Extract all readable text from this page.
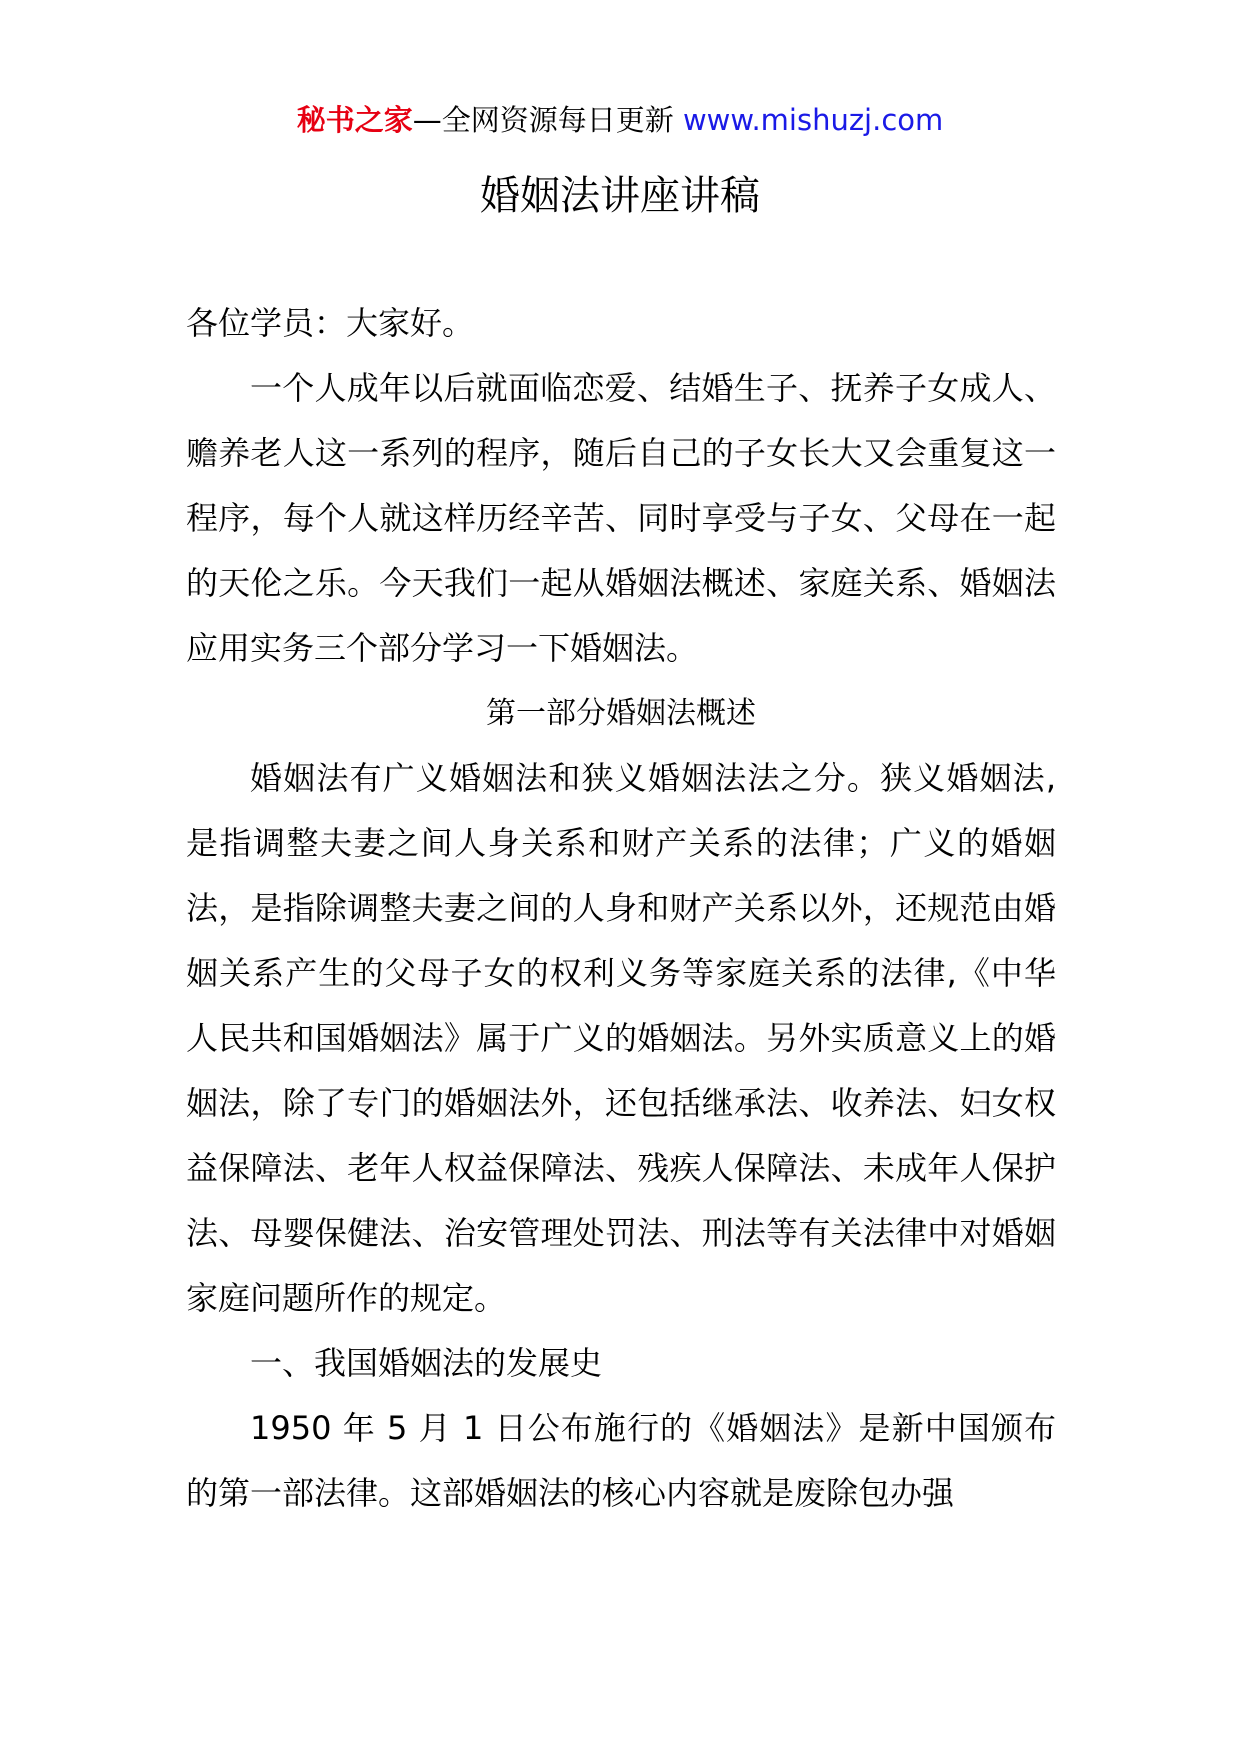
秘书之家—全网资源每日更新 www.mishuzj.com
婚姻法讲座讲稿

各位学员：大家好。

一个人成年以后就面临恋爱、结婚生子、抚养子女成人、赡养老人这一系列的程序，随后自己的子女长大又会重复这一程序，每个人就这样历经辛苦、同时享受与子女、父母在一起的天伦之乐。今天我们一起从婚姻法概述、家庭关系、婚姻法应用实务三个部分学习一下婚姻法。

第一部分婚姻法概述

婚姻法有广义婚姻法和狭义婚姻法法之分。狭义婚姻法,是指调整夫妻之间人身关系和财产关系的法律；广义的婚姻法，是指除调整夫妻之间的人身和财产关系以外，还规范由婚姻关系产生的父母子女的权利义务等家庭关系的法律,《中华人民共和国婚姻法》属于广义的婚姻法。另外实质意义上的婚姻法，除了专门的婚姻法外，还包括继承法、收养法、妇女权益保障法、老年人权益保障法、残疾人保障法、未成年人保护法、母婴保健法、治安管理处罚法、刑法等有关法律中对婚姻家庭问题所作的规定。

一、我国婚姻法的发展史

1950 年 5 月 1 日公布施行的《婚姻法》是新中国颁布的第一部法律。这部婚姻法的核心内容就是废除包办强
